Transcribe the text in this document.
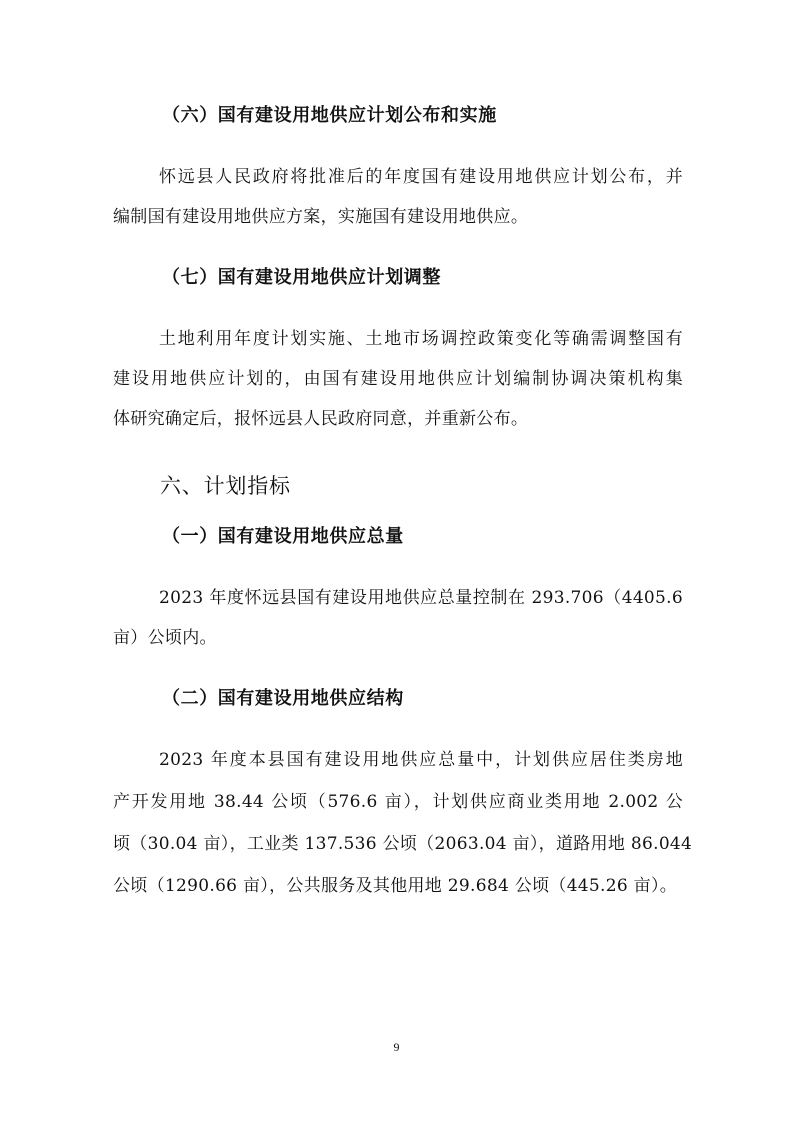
（六）国有建设用地供应计划公布和实施
怀远县人民政府将批准后的年度国有建设用地供应计划公布，并
编制国有建设用地供应方案，实施国有建设用地供应。
（七）国有建设用地供应计划调整
土地利用年度计划实施、土地市场调控政策变化等确需调整国有
建设用地供应计划的，由国有建设用地供应计划编制协调决策机构集
体研究确定后，报怀远县人民政府同意，并重新公布。
六、计划指标
（一）国有建设用地供应总量
2023 年度怀远县国有建设用地供应总量控制在 293.706（4405.6
亩）公顷内。
（二）国有建设用地供应结构
2023 年度本县国有建设用地供应总量中，计划供应居住类房地
产开发用地 38.44 公顷（576.6 亩），计划供应商业类用地 2.002 公
顷（30.04 亩），工业类 137.536 公顷（2063.04 亩），道路用地 86.044
公顷（1290.66 亩），公共服务及其他用地 29.684 公顷（445.26 亩）。
9
